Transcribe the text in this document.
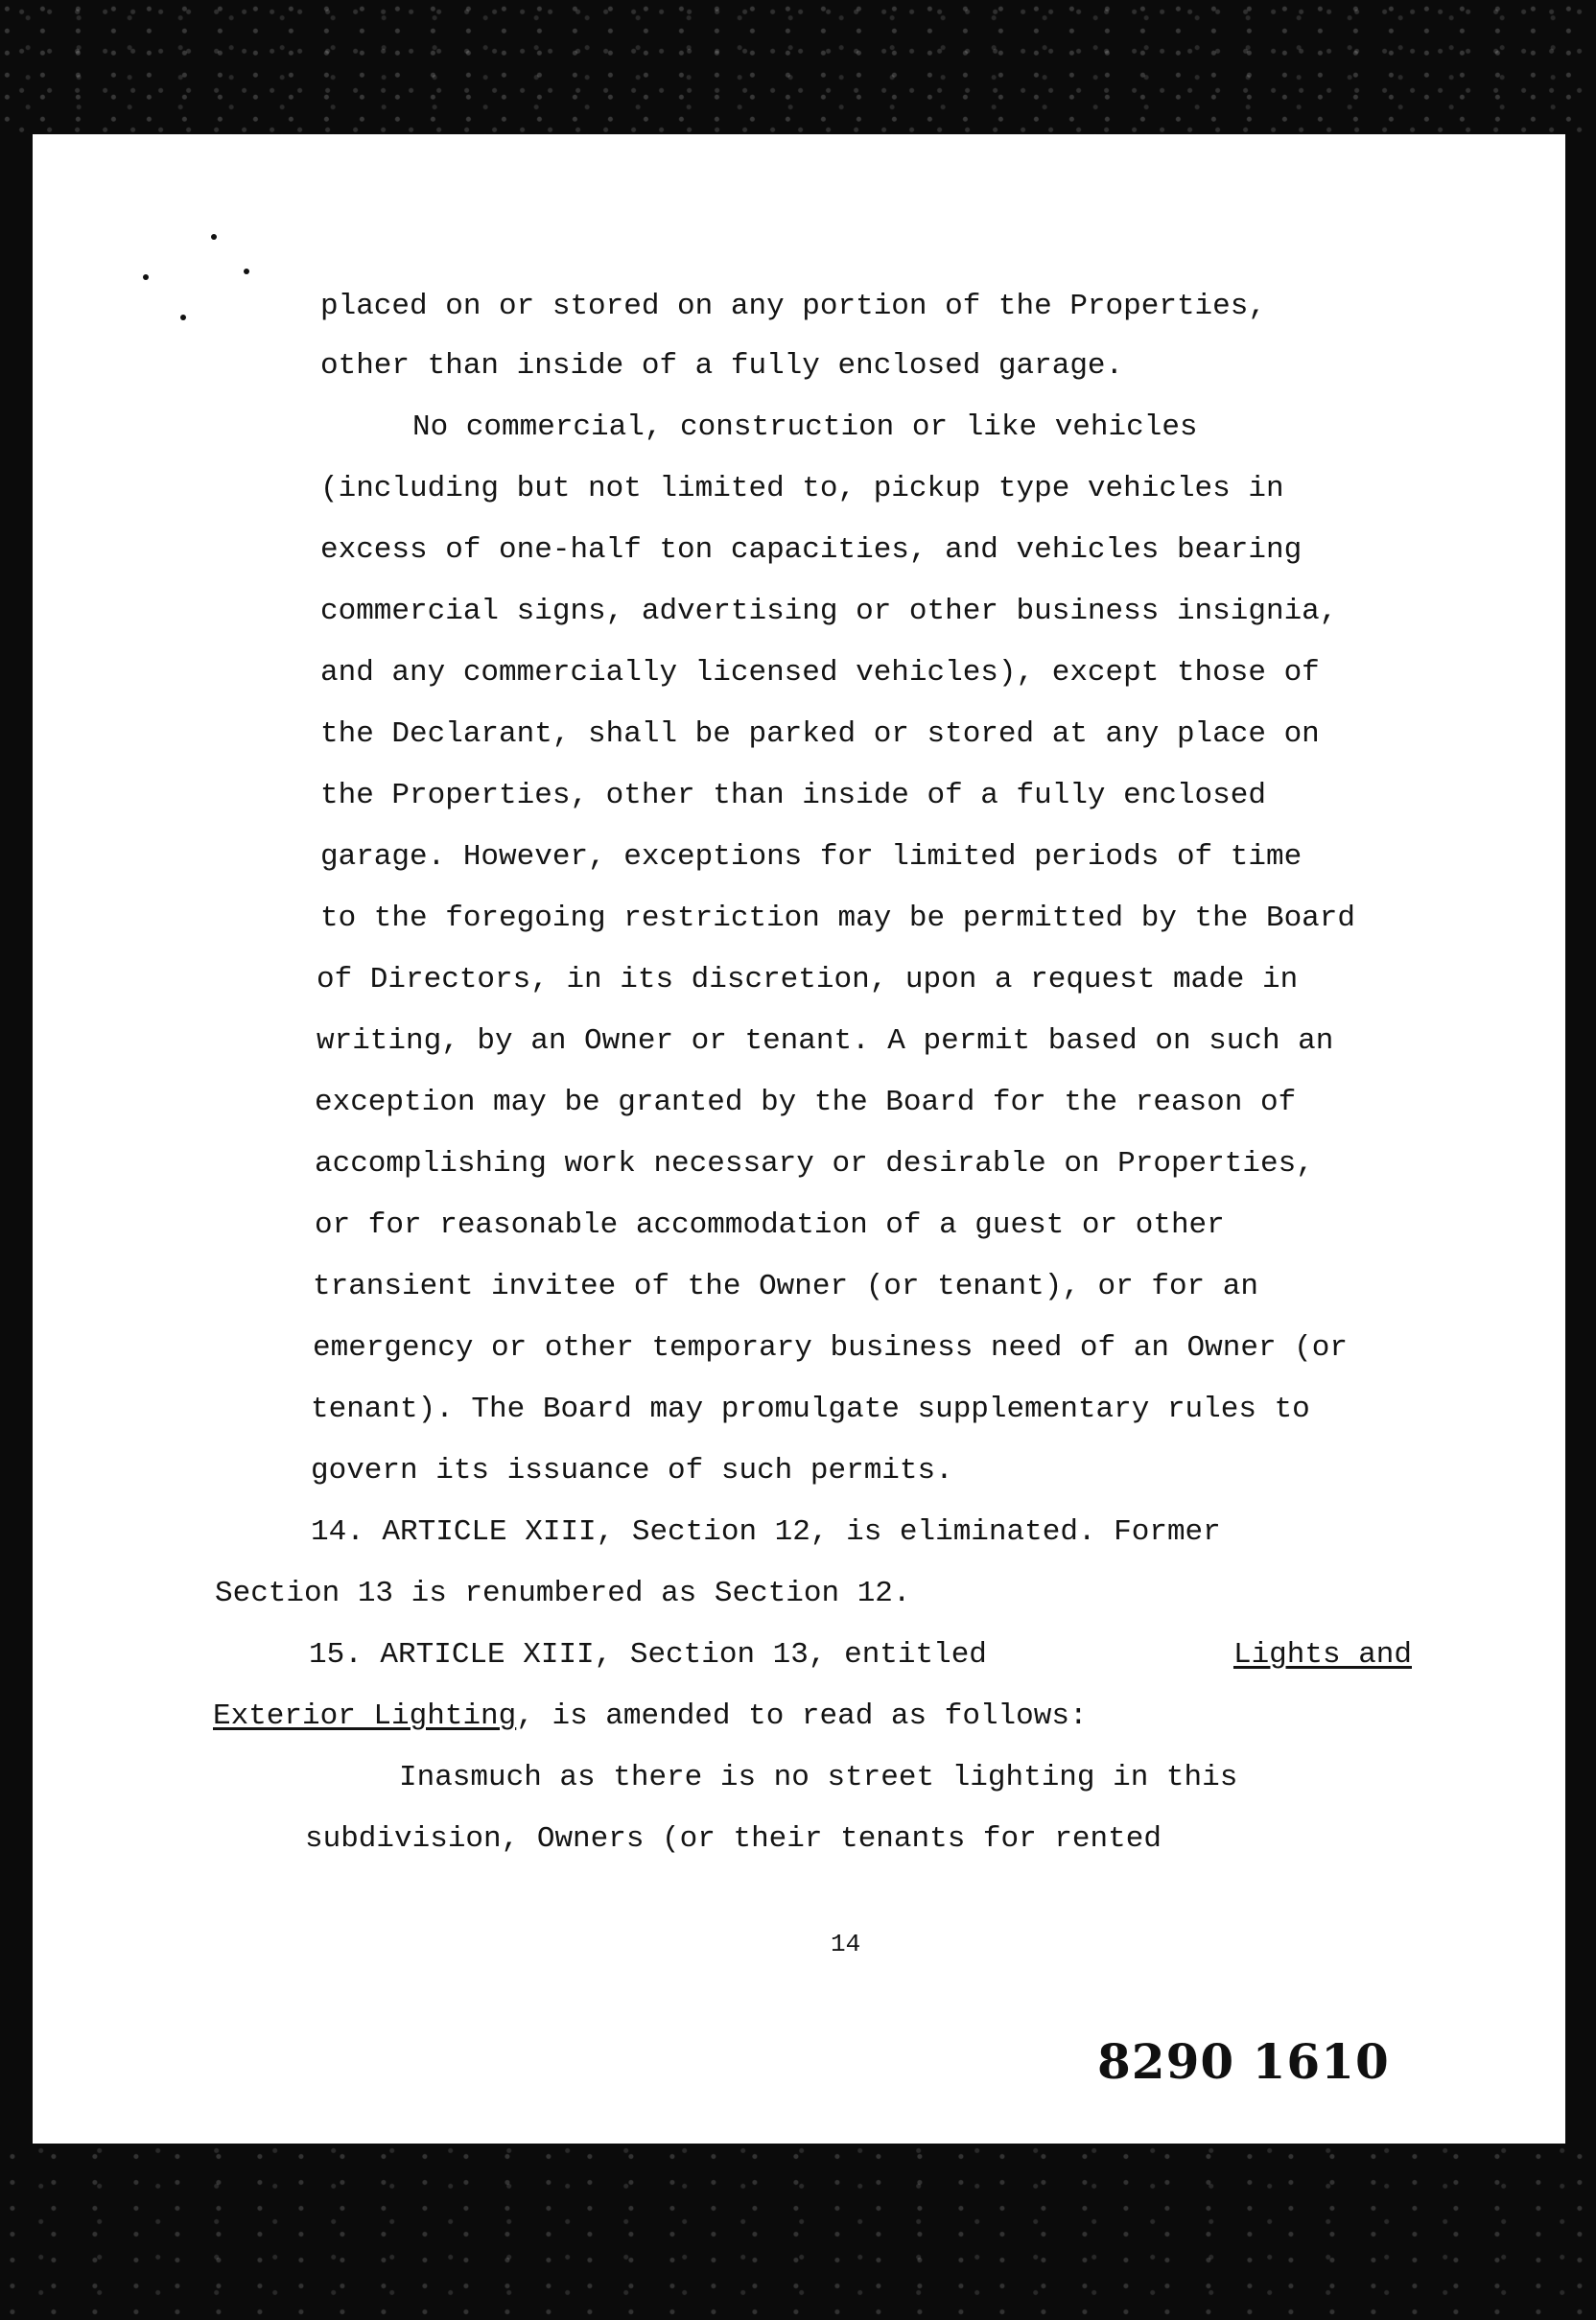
placed on or stored on any portion of the Properties,
other than inside of a fully enclosed garage.
No commercial, construction or like vehicles
(including but not limited to, pickup type vehicles in
excess of one-half ton capacities, and vehicles bearing
commercial signs, advertising or other business insignia,
and any commercially licensed vehicles), except those of
the Declarant, shall be parked or stored at any place on
the Properties, other than inside of a fully enclosed
garage. However, exceptions for limited periods of time
to the foregoing restriction may be permitted by the Board
of Directors, in its discretion, upon a request made in
writing, by an Owner or tenant. A permit based on such an
exception may be granted by the Board for the reason of
accomplishing work necessary or desirable on Properties,
or for reasonable accommodation of a guest or other
transient invitee of the Owner (or tenant), or for an
emergency or other temporary business need of an Owner (or
tenant). The Board may promulgate supplementary rules to
govern its issuance of such permits.
14. ARTICLE XIII, Section 12, is eliminated. Former
Section 13 is renumbered as Section 12.
15. ARTICLE XIII, Section 13, entitled	Lights and
Exterior Lighting , is amended to read as follows:
Inasmuch as there is no street lighting in this
subdivision, Owners (or their tenants for rented
14
8290 1610
